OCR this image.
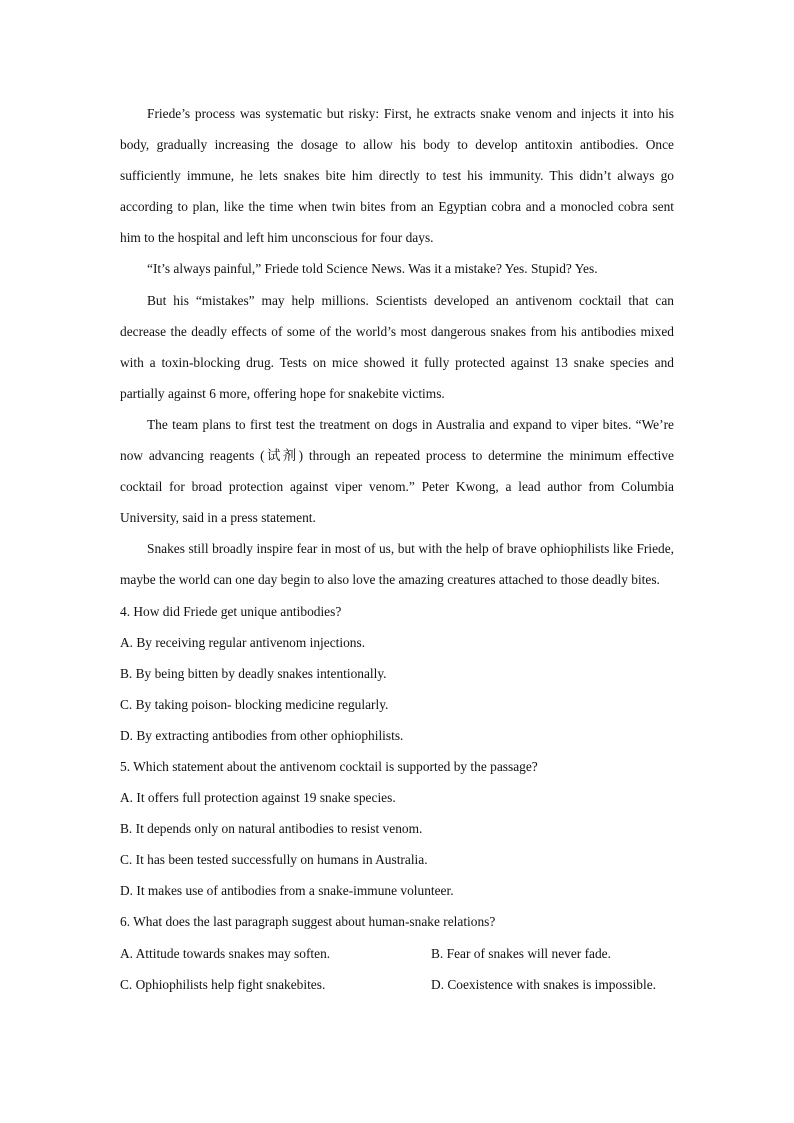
Friede’s process was systematic but risky: First, he extracts snake venom and injects it into his body, gradually increasing the dosage to allow his body to develop antitoxin antibodies. Once sufficiently immune, he lets snakes bite him directly to test his immunity. This didn’t always go according to plan, like the time when twin bites from an Egyptian cobra and a monocled cobra sent him to the hospital and left him unconscious for four days.

“It’s always painful,” Friede told Science News. Was it a mistake? Yes. Stupid? Yes.

But his “mistakes” may help millions. Scientists developed an antivenom cocktail that can decrease the deadly effects of some of the world’s most dangerous snakes from his antibodies mixed with a toxin-blocking drug. Tests on mice showed it fully protected against 13 snake species and partially against 6 more, offering hope for snakebite victims.

The team plans to first test the treatment on dogs in Australia and expand to viper bites. “We’re now advancing reagents (试剂) through an repeated process to determine the minimum effective cocktail for broad protection against viper venom.” Peter Kwong, a lead author from Columbia University, said in a press statement.

Snakes still broadly inspire fear in most of us, but with the help of brave ophiophilists like Friede, maybe the world can one day begin to also love the amazing creatures attached to those deadly bites.

4. How did Friede get unique antibodies?

A. By receiving regular antivenom injections.

B. By being bitten by deadly snakes intentionally.

C. By taking poison- blocking medicine regularly.

D. By extracting antibodies from other ophiophilists.

5. Which statement about the antivenom cocktail is supported by the passage?

A. It offers full protection against 19 snake species.

B. It depends only on natural antibodies to resist venom.

C. It has been tested successfully on humans in Australia.

D. It makes use of antibodies from a snake-immune volunteer.

6. What does the last paragraph suggest about human-snake relations?

A. Attitude towards snakes may soften.	B. Fear of snakes will never fade.
C. Ophiophilists help fight snakebites.	D. Coexistence with snakes is impossible.
